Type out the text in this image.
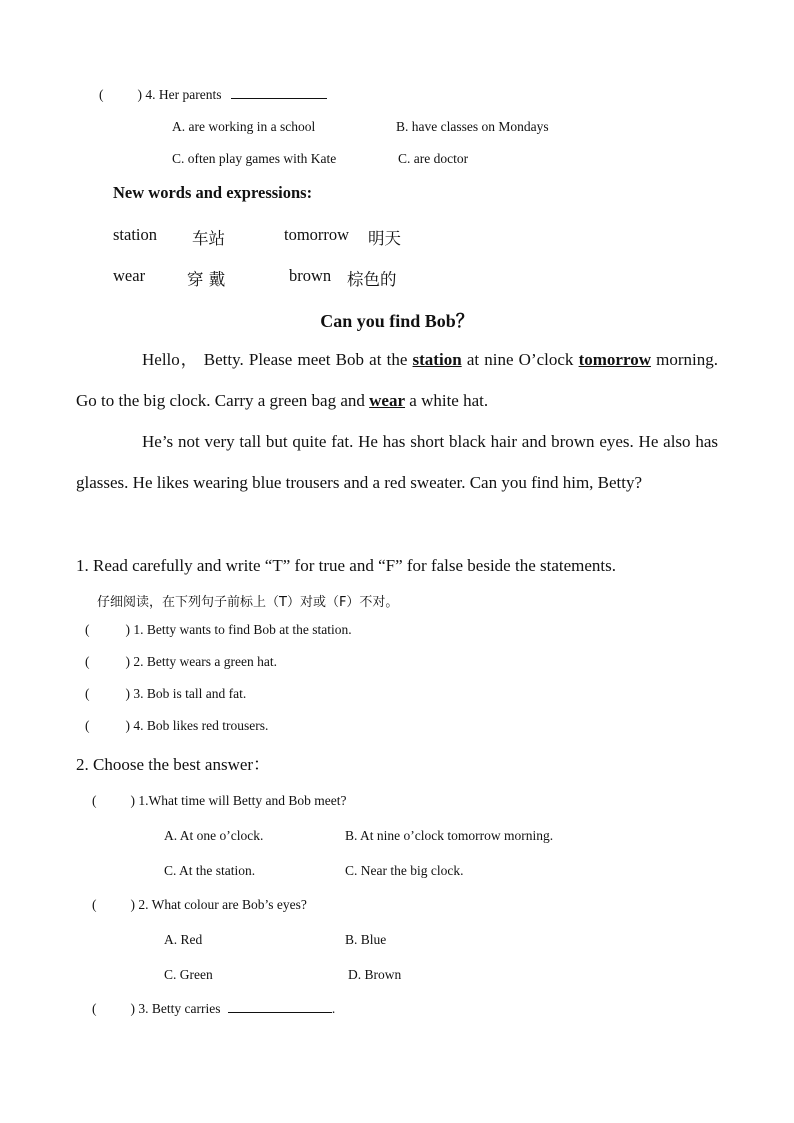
(	) 4. Her parents
A. are working in a school	B. have classes on Mondays
C. often play games with Kate	C. are doctor
New words and expressions:
station 车站	tomorrow 明天
wear	穿 戴	brown 棕色的
Can you find Bob？

Hello， Betty. Please meet Bob at the station at nine O’clock tomorrow morning. Go to the big clock. Carry a green bag and wear a white hat.

He’s not very tall but quite fat. He has short black hair and brown eyes. He also has glasses. He likes wearing blue trousers and a red sweater. Can you find him, Betty?

1. Read carefully and write “T” for true and “F” for false beside the statements.
仔细阅读，在下列句子前标上（T）对或（F）不对。
(	) 1. Betty wants to find Bob at the station.
(	) 2. Betty wears a green hat.
(	) 3. Bob is tall and fat.
(	) 4. Bob likes red trousers.
2. Choose the best answer：
(	) 1.What time will Betty and Bob meet?
A. At one o’clock.	B. At nine o’clock tomorrow morning.
C. At the station.	C. Near the big clock.
(	) 2. What colour are Bob’s eyes?
A. Red	B. Blue
C. Green	D. Brown
(	) 3. Betty carries	.
